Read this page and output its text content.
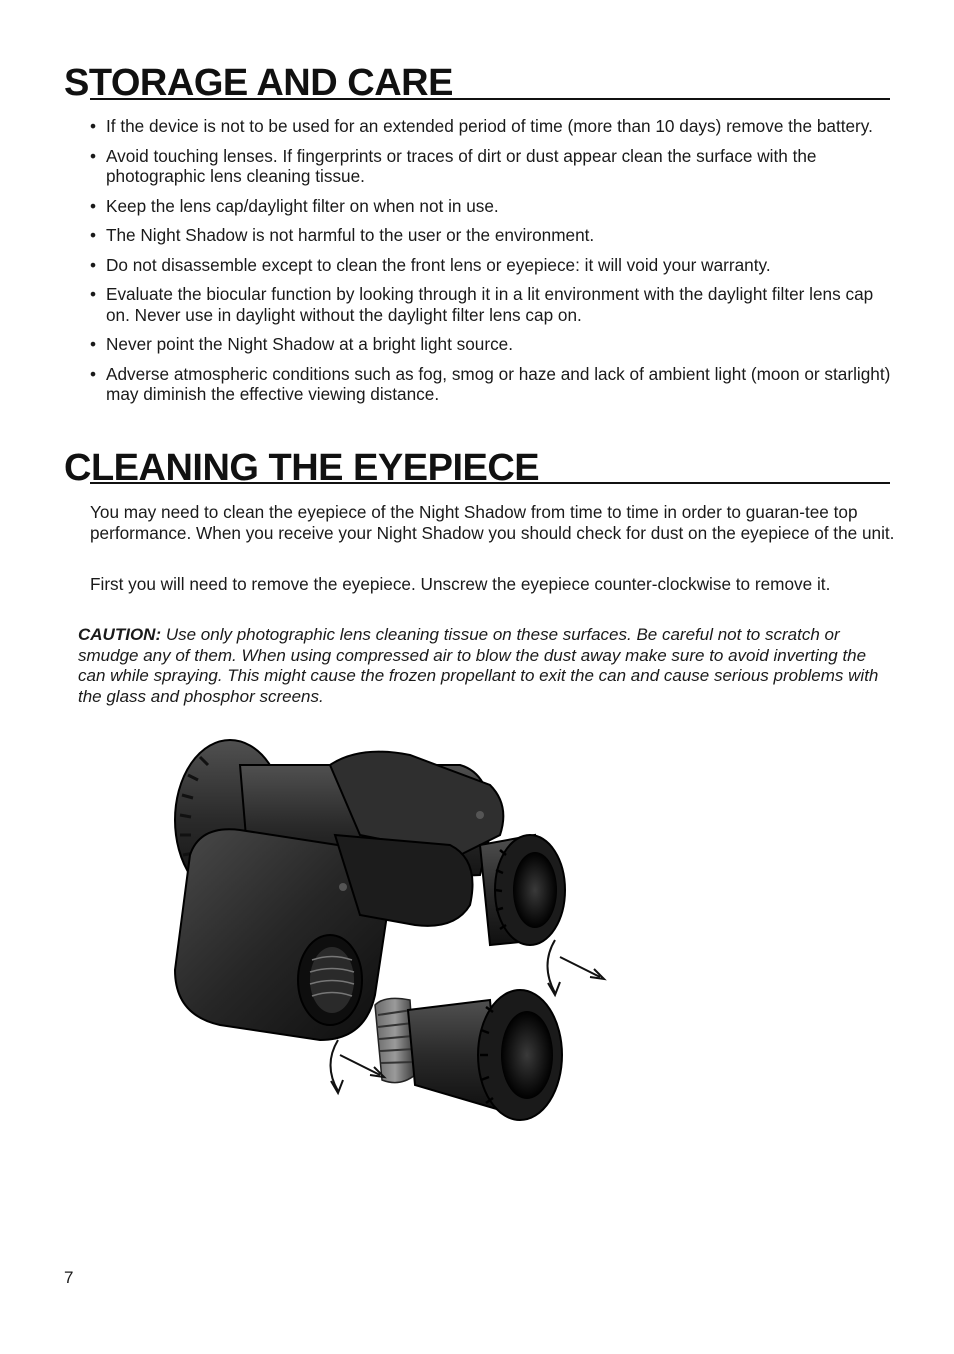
STORAGE AND CARE
• If the device is not to be used for an extended period of time (more than 10 days) remove the battery.
• Avoid touching lenses. If fingerprints or traces of dirt or dust appear clean the surface with the photographic lens cleaning tissue.
• Keep the lens cap/daylight filter on when not in use.
• The Night Shadow is not harmful to the user or the environment.
• Do not disassemble except to clean the front lens or eyepiece: it will void your warranty.
• Evaluate the biocular function by looking through it in a lit environment with the daylight filter lens cap on. Never use in daylight without the daylight filter lens cap on.
• Never point the Night Shadow at a bright light source.
• Adverse atmospheric conditions such as fog, smog or haze and lack of ambient light (moon or starlight) may diminish the effective viewing distance.
CLEANING THE EYEPIECE

You may need to clean the eyepiece of the Night Shadow from time to time in order to guaran-tee top performance. When you receive your Night Shadow you should check for dust on the eyepiece of the unit.

First you will need to remove the eyepiece. Unscrew the eyepiece counter-clockwise to remove it.

CAUTION: Use only photographic lens cleaning tissue on these surfaces. Be careful not to scratch or smudge any of them. When using compressed air to blow the dust away make sure to avoid inverting the can while spraying. This might cause the frozen propellant to exit the can and cause serious problems with the glass and phosphor screens.

7
